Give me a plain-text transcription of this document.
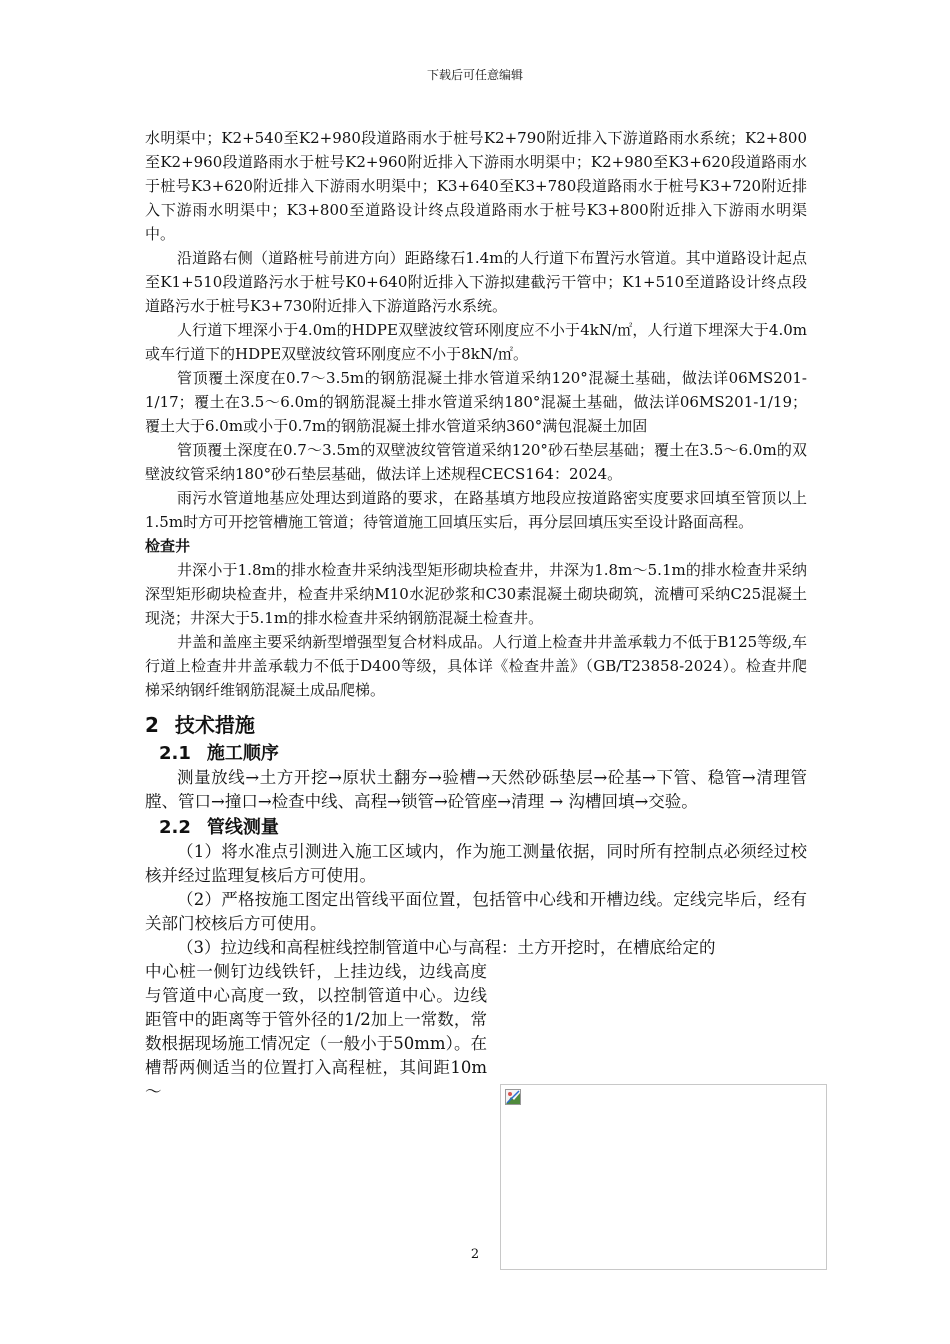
下载后可任意编辑

水明渠中；K2+540至K2+980段道路雨水于桩号K2+790附近排入下游道路雨水系统；K2+800至K2+960段道路雨水于桩号K2+960附近排入下游雨水明渠中；K2+980至K3+620段道路雨水于桩号K3+620附近排入下游雨水明渠中；K3+640至K3+780段道路雨水于桩号K3+720附近排入下游雨水明渠中；K3+800至道路设计终点段道路雨水于桩号K3+800附近排入下游雨水明渠中。

沿道路右侧（道路桩号前进方向）距路缘石1.4m的人行道下布置污水管道。其中道路设计起点至K1+510段道路污水于桩号K0+640附近排入下游拟建截污干管中；K1+510至道路设计终点段道路污水于桩号K3+730附近排入下游道路污水系统。

人行道下埋深小于4.0m的HDPE双壁波纹管环刚度应不小于4kN/㎡，人行道下埋深大于4.0m或车行道下的HDPE双壁波纹管环刚度应不小于8kN/㎡。

管顶覆土深度在0.7～3.5m的钢筋混凝土排水管道采纳120°混凝土基础，做法详06MS201-1/17；覆土在3.5～6.0m的钢筋混凝土排水管道采纳180°混凝土基础，做法详06MS201-1/19；覆土大于6.0m或小于0.7m的钢筋混凝土排水管道采纳360°满包混凝土加固

管顶覆土深度在0.7～3.5m的双壁波纹管管道采纳120°砂石垫层基础；覆土在3.5～6.0m的双壁波纹管采纳180°砂石垫层基础，做法详上述规程CECS164：2024。

雨污水管道地基应处理达到道路的要求，在路基填方地段应按道路密实度要求回填至管顶以上1.5m时方可开挖管槽施工管道；待管道施工回填压实后，再分层回填压实至设计路面高程。

检查井

井深小于1.8m的排水检查井采纳浅型矩形砌块检查井，井深为1.8m～5.1m的排水检查井采纳深型矩形砌块检查井，检查井采纳M10水泥砂浆和C30素混凝土砌块砌筑，流槽可采纳C25混凝土现浇；井深大于5.1m的排水检查井采纳钢筋混凝土检查井。

井盖和盖座主要采纳新型增强型复合材料成品。人行道上检查井井盖承载力不低于B125等级,车行道上检查井井盖承载力不低于D400等级，具体详《检查井盖》（GB/T23858-2024）。检查井爬梯采纳钢纤维钢筋混凝土成品爬梯。

2 技术措施

2.1 施工顺序

测量放线→土方开挖→原状土翻夯→验槽→天然砂砾垫层→砼基→下管、稳管→清理管膛、管口→撞口→检查中线、高程→锁管→砼管座→清理 → 沟槽回填→交验。

2.2 管线测量

（1）将水准点引测进入施工区域内，作为施工测量依据，同时所有控制点必须经过校核并经过监理复核后方可使用。

（2）严格按施工图定出管线平面位置，包括管中心线和开槽边线。定线完毕后，经有关部门校核后方可使用。

（3）拉边线和高程桩线控制管道中心与高程：土方开挖时，在槽底给定的

中心桩一侧钉边线铁钎，上挂边线，边线高度与管道中心高度一致，以控制管道中心。边线距管中的距离等于管外径的1/2加上一常数，常数根据现场施工情况定（一般小于50mm）。在槽帮两侧适当的位置打入高程桩，其间距10m～

2
